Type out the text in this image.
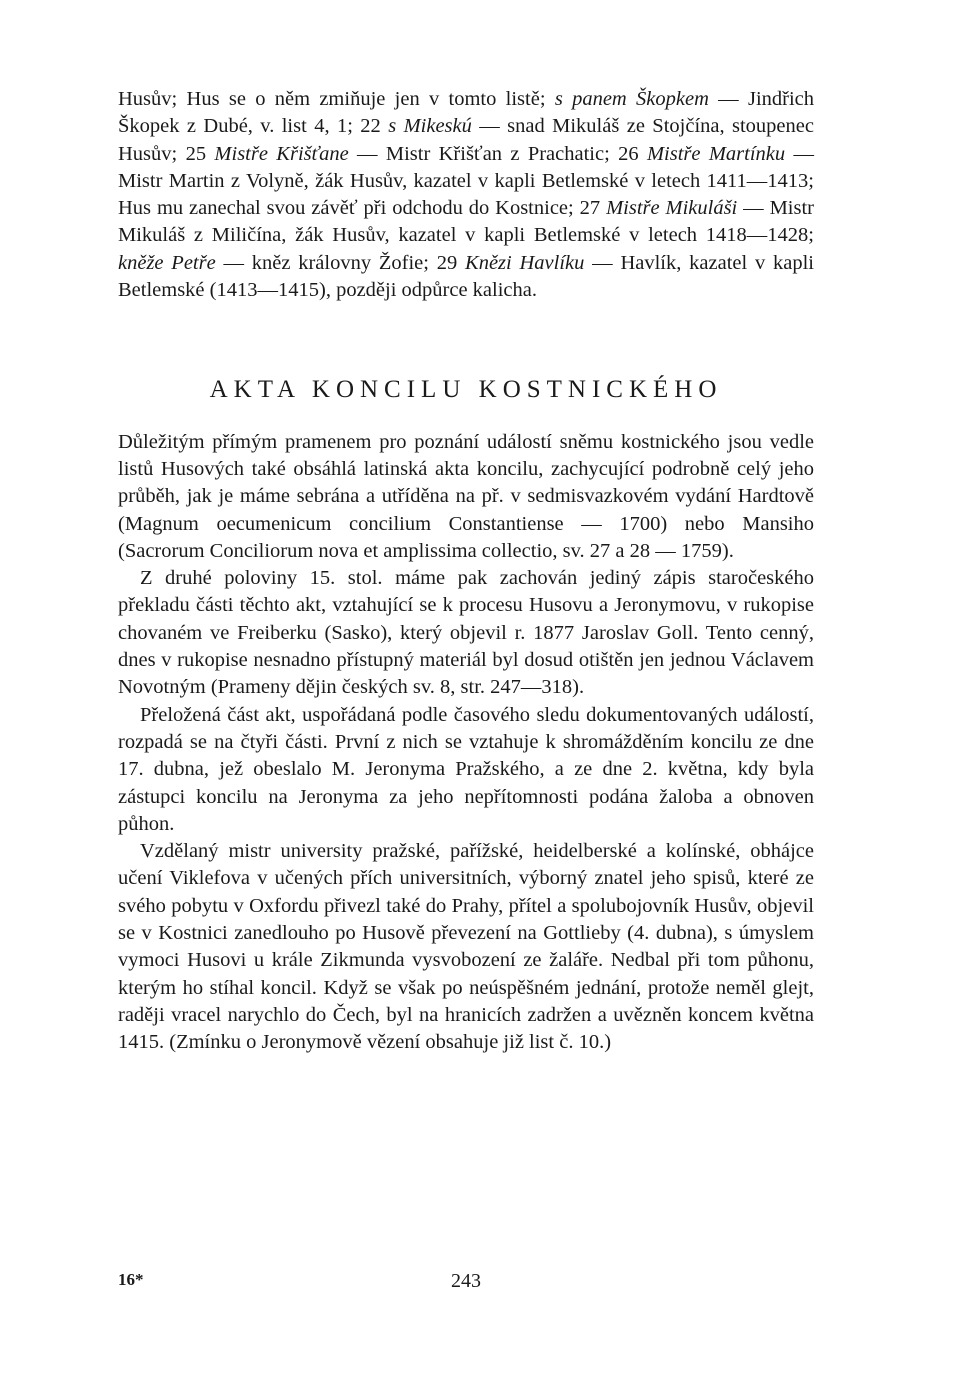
Husův; Hus se o něm zmiňuje jen v tomto listě; s panem Škopkem — Jindřich Škopek z Dubé, v. list 4, 1; 22 s Mikeskú — snad Mikuláš ze Stojčína, stoupenec Husův; 25 Mistře Křišťane — Mistr Křišťan z Prachatic; 26 Mistře Martínku — Mistr Martin z Volyně, žák Husův, kazatel v kapli Betlemské v letech 1411—1413; Hus mu zanechal svou závěť při odchodu do Kostnice; 27 Mistře Mikuláši — Mistr Mikuláš z Miličína, žák Husův, kazatel v kapli Betlemské v letech 1418—1428; kněže Petře — kněz královny Žofie; 29 Knězi Havlíku — Havlík, kazatel v kapli Betlemské (1413—1415), později odpůrce kalicha.

AKTA KONCILU KOSTNICKÉHO

Důležitým přímým pramenem pro poznání událostí sněmu kostnického jsou vedle listů Husových také obsáhlá latinská akta koncilu, zachycující podrobně celý jeho průběh, jak je máme sebrána a utříděna na př. v sedmisvazkovém vydání Hardtově (Magnum oecumenicum concilium Constantiense — 1700) nebo Mansiho (Sacrorum Conciliorum nova et amplissima collectio, sv. 27 a 28 — 1759).

Z druhé poloviny 15. stol. máme pak zachován jediný zápis staročeského překladu části těchto akt, vztahující se k procesu Husovu a Jeronymovu, v rukopise chovaném ve Freiberku (Sasko), který objevil r. 1877 Jaroslav Goll. Tento cenný, dnes v rukopise nesnadno přístupný materiál byl dosud otištěn jen jednou Václavem Novotným (Prameny dějin českých sv. 8, str. 247—318).

Přeložená část akt, uspořádaná podle časového sledu dokumentovaných událostí, rozpadá se na čtyři části. První z nich se vztahuje k shromážděním koncilu ze dne 17. dubna, jež obeslalo M. Jeronyma Pražského, a ze dne 2. května, kdy byla zástupci koncilu na Jeronyma za jeho nepřítomnosti podána žaloba a obnoven půhon.

Vzdělaný mistr university pražské, pařížské, heidelberské a kolínské, obhájce učení Viklefova v učených přích universitních, výborný znatel jeho spisů, které ze svého pobytu v Oxfordu přivezl také do Prahy, přítel a spolubojovník Husův, objevil se v Kostnici zanedlouho po Husově převezení na Gottlieby (4. dubna), s úmyslem vymoci Husovi u krále Zikmunda vysvobození ze žaláře. Nedbal při tom půhonu, kterým ho stíhal koncil. Když se však po neúspěšném jednání, protože neměl glejt, raději vracel narychlo do Čech, byl na hranicích zadržen a uvězněn koncem května 1415. (Zmínku o Jeronymově vězení obsahuje již list č. 10.)

16*	243
